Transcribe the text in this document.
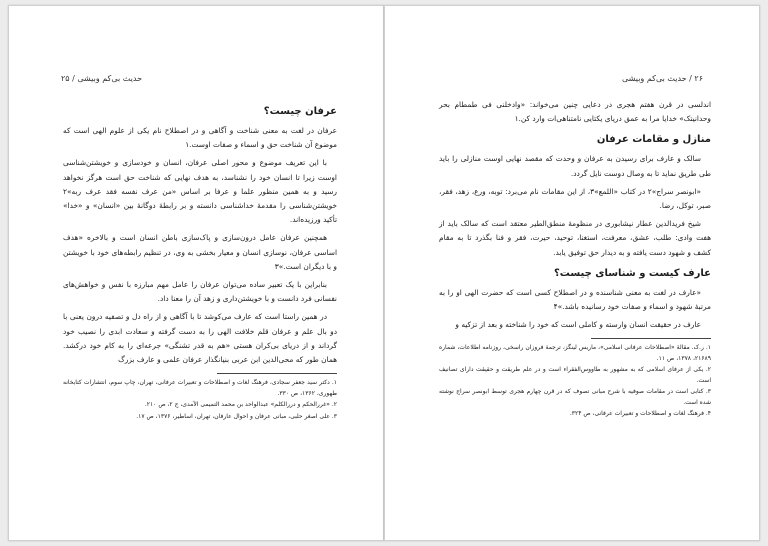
حدیث بی‌کم وبیشی / ۲۵
عرفان چیست؟

عرفان در لغت به معنی شناخت و آگاهی و در اصطلاح نام یکی از علوم الهی است که موضوع آن شناخت حق و اسماء و صفات اوست.۱

با این تعریف موضوع و محور اصلی عرفان، انسان و خودسازی و خویشتن‌شناسی اوست زیرا تا انسان خود را نشناسد، به هدف نهایی که شناخت حق است هرگز نخواهد رسید و به همین منظور علما و عرفا بر اساس «من عرف نفسه فقد عرف ربه»۲ خویشتن‌شناسی را مقدمهٔ خداشناسی دانسته و بر رابطهٔ دوگانهٔ بین «انسان» و «خدا» تأکید ورزیده‌اند.

همچنین عرفان عامل درون‌سازی و پاک‌سازی باطن انسان است و بالاخره «هدف اساسی عرفان، نوسازی انسان و معیار بخشی به وی، در تنظیم رابطه‌های خود با خویشتن و با دیگران است.»۳

بنابراین با یک تعبیر ساده می‌توان عرفان را عامل مهم مبارزه با نفس و خواهش‌های نفسانی فرد دانست و با خویشتن‌داری و زهد آن را معنا داد.

در همین راستا است که عارف می‌کوشد تا با آگاهی و از راه دل و تصفیه درون یعنی با دو بال علم و عرفان قلم خلافت الهی را به دست گرفته و سعادت ابدی را نصیب خود گرداند و از دریای بی‌کران هستی «هم به قدر تشنگی» جرعه‌ای را به کام خود درکشد. همان طور که محی‌الدین ابن عربی بنیانگذار عرفان علمی و عارف بزرگ

۱. دکتر سید جعفر سجادی، فرهنگ لغات و اصطلاحات و تعبیرات عرفانی، تهران، چاپ سوم، انتشارات کتابخانه طهوری، ۱۳۶۲، ص ۳۳۰.
۲. «غررالحکم و دررالکلم» عبدالواحد بن محمد التمیمی الآمدی، ج ۲، ص ۲۱۰.
۳. علی اصغر حلبی، مبانی عرفان و احوال عارفان، تهران، اساطیر، ۱۳۷۶، ص ۱۷.
۲۶ / حدیث بی‌کم وبیشی

اندلسی در قرن هفتم هجری در دعایی چنین می‌خواند: «وادخلنی فی طمطام بحر وحدانیتک» خدایا مرا به عمق دریای یکتایی نامتناهی‌ات وارد کن.۱

منازل و مقامات عرفان

سالک و عارف برای رسیدن به عرفان و وحدت که مقصد نهایی اوست منازلی را باید طی طریق نماید تا به وصال دوست نایل گردد.

«ابونصر سراج»۲ در کتاب «اللمع»۳، از این مقامات نام می‌برد: توبه، ورع، زهد، فقر، صبر، توکل، رضا.

شیخ فریدالدین عطار نیشابوری در منظومهٔ منطق‌الطیر معتقد است که سالک باید از هفت وادی: طلب، عشق، معرفت، استغنا، توحید، حیرت، فقر و فنا بگذرد تا به مقام کشف و شهود دست یافته و به دیدار حق توفیق یابد.

عارف کیست و شناسای چیست؟

«عارف در لغت به معنی شناسنده و در اصطلاح کسی است که حضرت الهی او را به مرتبهٔ شهود و اسماء و صفات خود رسانیده باشد.»۴

عارف در حقیقت انسان وارسته و کاملی است که خود را شناخته و بعد از تزکیه و

۱. ر.ک. مقالهٔ «اصطلاحات عرفانی اسلامی»، ماریس لینگز، ترجمهٔ فروزان راسخی، روزنامه اطلاعات، شماره ۲۱۶۸۹، ۱۳۷۸، ص ۱۱.
۲. یکی از عرفای اسلامی که به مشهور به طاووس‌الفقراء است و در علم طریقت و حقیقت دارای تصانیف است.
۳. کتابی است در مقامات صوفیه با شرح مبانی تصوف که در قرن چهارم هجری توسط ابونصر سراج نوشته شده است.
۴. فرهنگ لغات و اصطلاحات و تعبیرات عرفانی، ص ۳۲۴.
